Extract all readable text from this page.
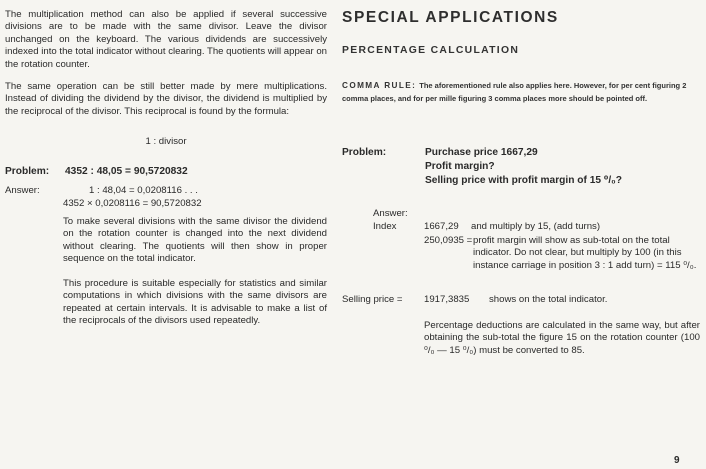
The multiplication method can also be applied if several successive divisions are to be made with the same divisor. Leave the divisor unchanged on the keyboard. The various dividends are successively indexed into the total indicator without clearing. The quotients will appear on the rotation counter.

The same operation can be still better made by mere multiplications. Instead of dividing the dividend by the divisor, the dividend is multiplied by the reciprocal of the divisor. This reciprocal is found by the formula:

1 : divisor
Problem: 4352 : 48,05 = 90,5720832
Answer:	1 : 48,04 = 0,0208116 . . .
4352 × 0,0208116 = 90,5720832

To make several divisions with the same divisor the dividend on the rotation counter is changed into the next dividend without clearing. The quotients will then show in proper sequence on the total indicator.

This procedure is suitable especially for statistics and similar computations in which divisions with the same divisors are repeated at certain intervals. It is advisable to make a list of the reciprocals of the divisors used repeatedly.

SPECIAL APPLICATIONS
PERCENTAGE CALCULATION

COMMA RULE: The aforementioned rule also applies here. However, for per cent figuring 2 comma places, and for per mille figuring 3 comma places more should be pointed off.

Problem:	Purchase price 1667,29
Profit margin?
Selling price with profit margin of 15 ⁰/₀?
Answer:
Index	1667,29 and multiply by 15, (add turns)
250,0935 = profit margin will show as sub-total on the total indicator. Do not clear, but multiply by 100 (in this instance carriage in position 3 : 1 add turn) = 115 ⁰/₀.

Selling price = 1917,3835 shows on the total indicator.

Percentage deductions are calculated in the same way, but after obtaining the sub-total the figure 15 on the rotation counter (100 ⁰/₀ — 15 ⁰/₀) must be converted to 85.

9
